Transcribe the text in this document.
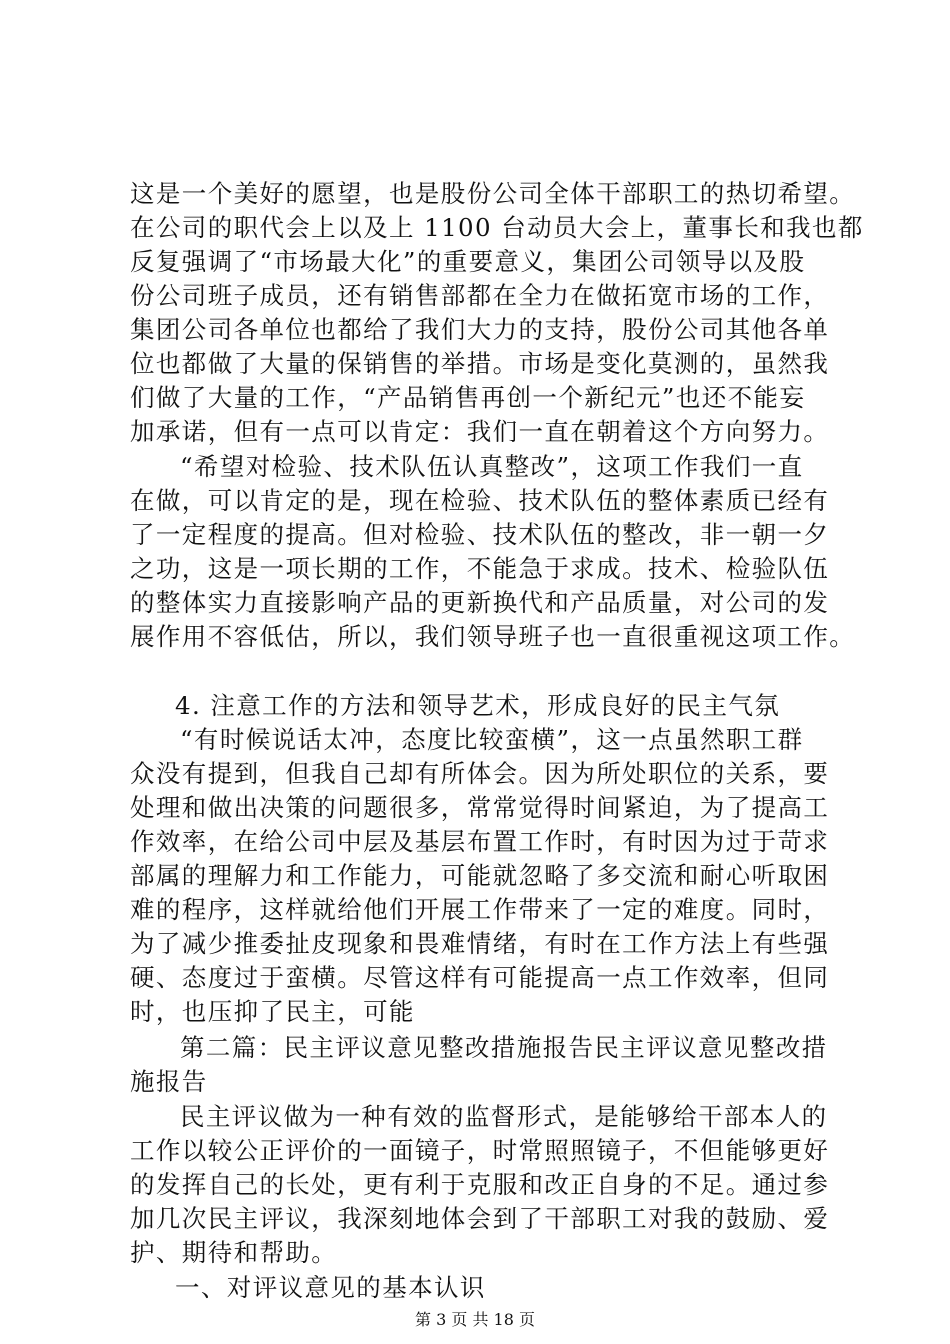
这是一个美好的愿望，也是股份公司全体干部职工的热切希望。
在公司的职代会上以及上 1100 台动员大会上，董事长和我也都
反复强调了“市场最大化”的重要意义，集团公司领导以及股
份公司班子成员，还有销售部都在全力在做拓宽市场的工作，
集团公司各单位也都给了我们大力的支持，股份公司其他各单
位也都做了大量的保销售的举措。市场是变化莫测的，虽然我
们做了大量的工作，“产品销售再创一个新纪元”也还不能妄
加承诺，但有一点可以肯定：我们一直在朝着这个方向努力。
“希望对检验、技术队伍认真整改”，这项工作我们一直
在做，可以肯定的是，现在检验、技术队伍的整体素质已经有
了一定程度的提高。但对检验、技术队伍的整改，非一朝一夕
之功，这是一项长期的工作，不能急于求成。技术、检验队伍
的整体实力直接影响产品的更新换代和产品质量，对公司的发
展作用不容低估，所以，我们领导班子也一直很重视这项工作。
4. 注意工作的方法和领导艺术，形成良好的民主气氛
“有时候说话太冲，态度比较蛮横”，这一点虽然职工群
众没有提到，但我自己却有所体会。因为所处职位的关系，要
处理和做出决策的问题很多，常常觉得时间紧迫，为了提高工
作效率，在给公司中层及基层布置工作时，有时因为过于苛求
部属的理解力和工作能力，可能就忽略了多交流和耐心听取困
难的程序，这样就给他们开展工作带来了一定的难度。同时，
为了减少推委扯皮现象和畏难情绪，有时在工作方法上有些强
硬、态度过于蛮横。尽管这样有可能提高一点工作效率，但同
时，也压抑了民主，可能
第二篇：民主评议意见整改措施报告民主评议意见整改措
施报告
民主评议做为一种有效的监督形式，是能够给干部本人的
工作以较公正评价的一面镜子，时常照照镜子，不但能够更好
的发挥自己的长处，更有利于克服和改正自身的不足。通过参
加几次民主评议，我深刻地体会到了干部职工对我的鼓励、爱
护、期待和帮助。
一、对评议意见的基本认识
第 3 页 共 18 页
